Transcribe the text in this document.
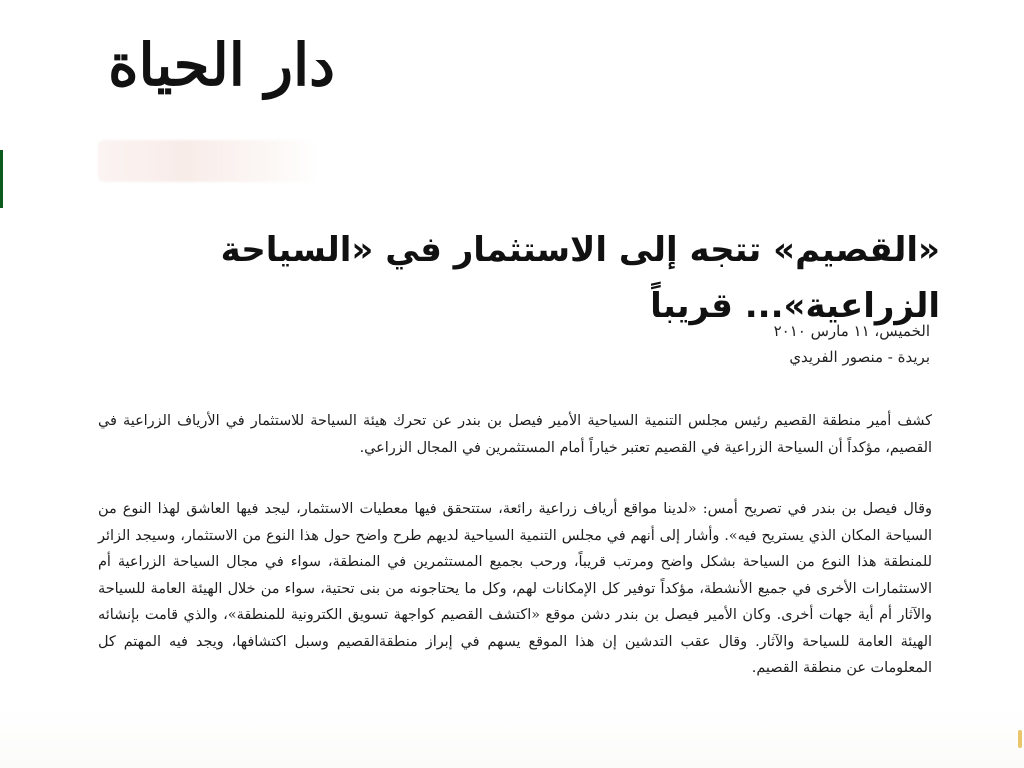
دار الحياة
«القصيم» تتجه إلى الاستثمار في «السياحة الزراعية»... قريباً
الخميس، ١١ مارس ٢٠١٠
بريدة - منصور الفريدي

كشف أمير منطقة القصيم رئيس مجلس التنمية السياحية الأمير فيصل بن بندر عن تحرك هيئة السياحة للاستثمار في الأرياف الزراعية في القصيم، مؤكداً أن السياحة الزراعية في القصيم تعتبر خياراً أمام المستثمرين في المجال الزراعي.

وقال فيصل بن بندر في تصريح أمس: «لدينا مواقع أرياف زراعية رائعة، ستتحقق فيها معطيات الاستثمار، ليجد فيها العاشق لهذا النوع من السياحة المكان الذي يستريح فيه». وأشار إلى أنهم في مجلس التنمية السياحية لديهم طرح واضح حول هذا النوع من الاستثمار، وسيجد الزائر للمنطقة هذا النوع من السياحة بشكل واضح ومرتب قريباً، ورحب بجميع المستثمرين في المنطقة، سواء في مجال السياحة الزراعية أم الاستثمارات الأخرى في جميع الأنشطة، مؤكداً توفير كل الإمكانات لهم، وكل ما يحتاجونه من بنى تحتية، سواء من خلال الهيئة العامة للسياحة والآثار أم أية جهات أخرى. وكان الأمير فيصل بن بندر دشن موقع «اكتشف القصيم كواجهة تسويق الكترونية للمنطقة»، والذي قامت بإنشائه الهيئة العامة للسياحة والآثار. وقال عقب التدشين إن هذا الموقع يسهم في إبراز منطقةالقصيم وسبل اكتشافها، ويجد فيه المهتم كل المعلومات عن منطقة القصيم.
